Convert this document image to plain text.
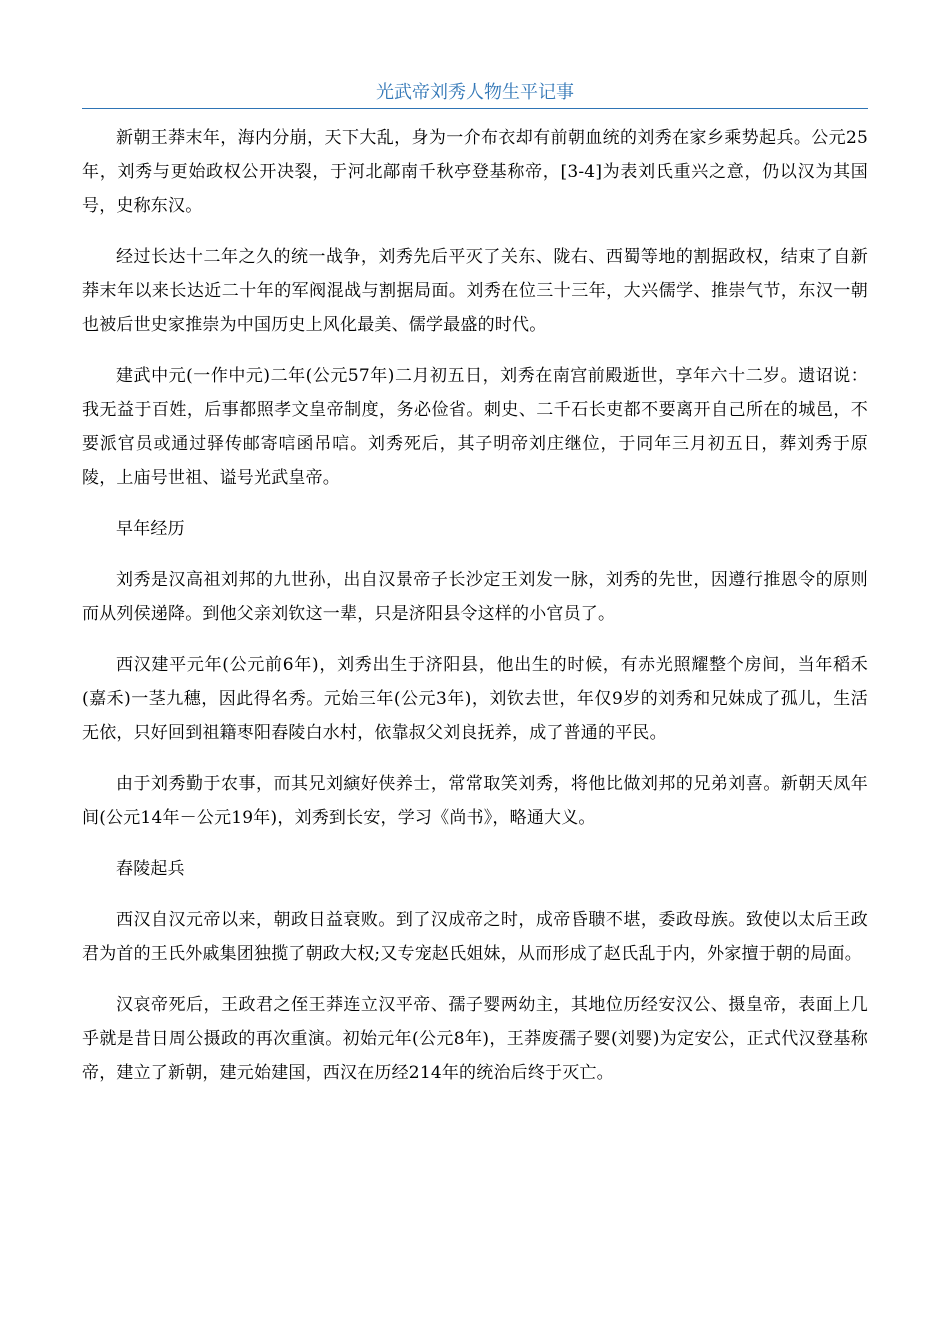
光武帝刘秀人物生平记事

新朝王莽末年，海内分崩，天下大乱，身为一介布衣却有前朝血统的刘秀在家乡乘势起兵。公元25年，刘秀与更始政权公开决裂，于河北鄗南千秋亭登基称帝，[3-4]为表刘氏重兴之意，仍以汉为其国号，史称东汉。

经过长达十二年之久的统一战争，刘秀先后平灭了关东、陇右、西蜀等地的割据政权，结束了自新莽末年以来长达近二十年的军阀混战与割据局面。刘秀在位三十三年，大兴儒学、推崇气节，东汉一朝也被后世史家推崇为中国历史上风化最美、儒学最盛的时代。

建武中元(一作中元)二年(公元57年)二月初五日，刘秀在南宫前殿逝世，享年六十二岁。遗诏说：我无益于百姓，后事都照孝文皇帝制度，务必俭省。刺史、二千石长吏都不要离开自己所在的城邑，不要派官员或通过驿传邮寄唁函吊唁。刘秀死后，其子明帝刘庄继位，于同年三月初五日，葬刘秀于原陵，上庙号世祖、谥号光武皇帝。

早年经历

刘秀是汉高祖刘邦的九世孙，出自汉景帝子长沙定王刘发一脉，刘秀的先世，因遵行推恩令的原则而从列侯递降。到他父亲刘钦这一辈，只是济阳县令这样的小官员了。

西汉建平元年(公元前6年)，刘秀出生于济阳县，他出生的时候，有赤光照耀整个房间，当年稻禾(嘉禾)一茎九穗，因此得名秀。元始三年(公元3年)，刘钦去世，年仅9岁的刘秀和兄妹成了孤儿，生活无依，只好回到祖籍枣阳舂陵白水村，依靠叔父刘良抚养，成了普通的平民。

由于刘秀勤于农事，而其兄刘縯好侠养士，常常取笑刘秀，将他比做刘邦的兄弟刘喜。新朝天凤年间(公元14年－公元19年)，刘秀到长安，学习《尚书》，略通大义。

舂陵起兵

西汉自汉元帝以来，朝政日益衰败。到了汉成帝之时，成帝昏聩不堪，委政母族。致使以太后王政君为首的王氏外戚集团独揽了朝政大权;又专宠赵氏姐妹，从而形成了赵氏乱于内，外家擅于朝的局面。

汉哀帝死后，王政君之侄王莽连立汉平帝、孺子婴两幼主，其地位历经安汉公、摄皇帝，表面上几乎就是昔日周公摄政的再次重演。初始元年(公元8年)，王莽废孺子婴(刘婴)为定安公，正式代汉登基称帝，建立了新朝，建元始建国，西汉在历经214年的统治后终于灭亡。
